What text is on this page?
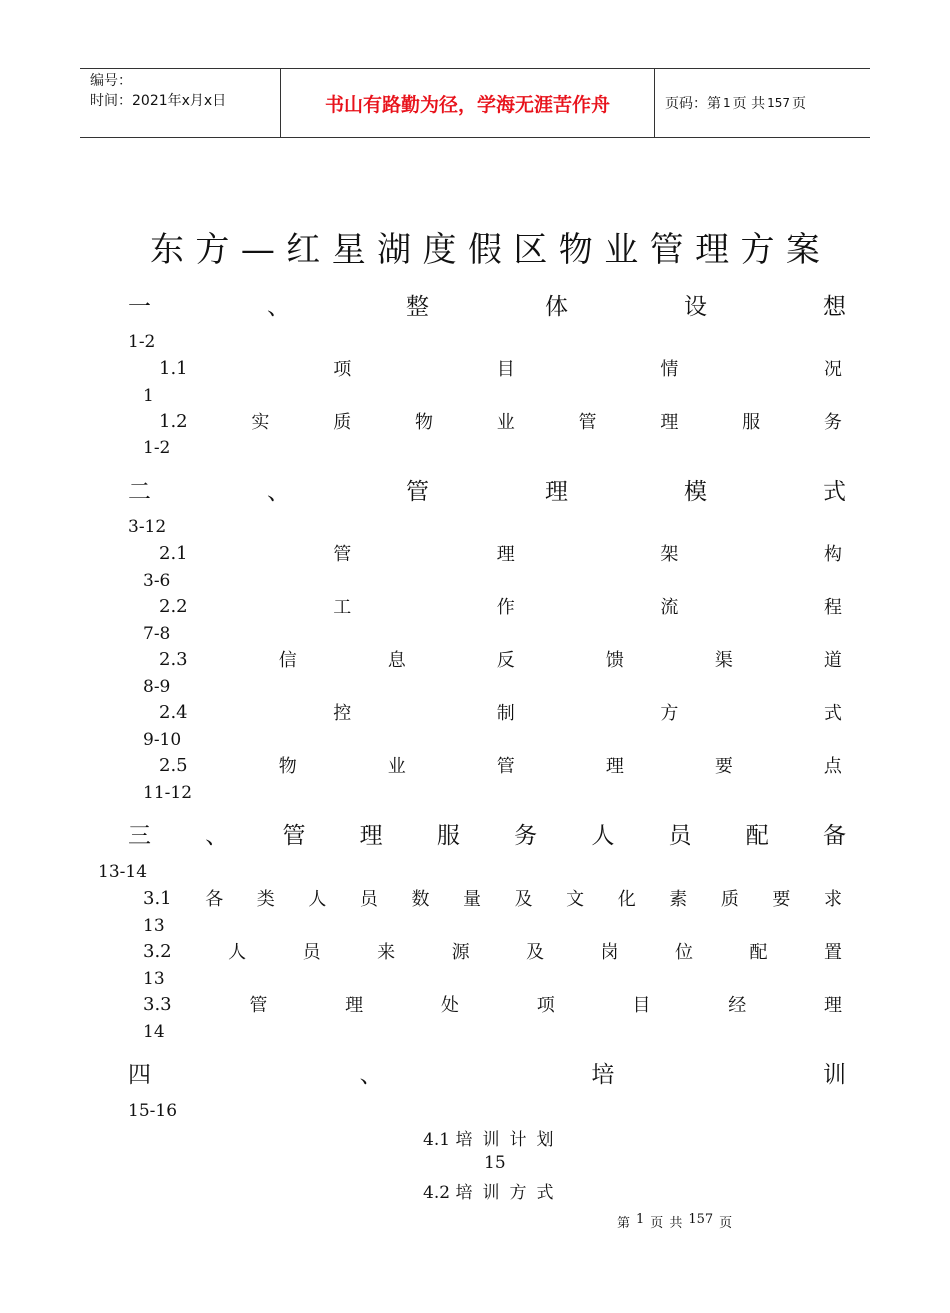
编号：
时间：2021年x月x日	书山有路勤为径，学海无涯苦作舟	页码：第 1 页 共 157 页
东 方 — 红 星 湖 度 假 区 物 业 管 理 方 案
一	、	整	体	设	想
1-2
1.1	项	目	情	况
1
1.2	实	质	物	业	管	理	服	务
1-2
二	、	管	理	模	式
3-12
2.1	管	理	架	构
3-6
2.2	工	作	流	程
7-8
2.3	信	息	反	馈	渠	道
8-9
2.4	控	制	方	式
9-10
2.5	物	业	管	理	要	点
11-12
三 、 管 理 服 务 人 员 配 备
13-14
3.1 各 类 人 员 数 量 及 文 化 素 质 要 求
13
3.2	人	员	来	源	及	岗	位	配	置
13
3.3	管	理	处	项	目	经	理
14
四	、	培	训
15-16
4.1 培 训 计 划
15
4.2 培 训 方 式
第 1 页 共 157 页
